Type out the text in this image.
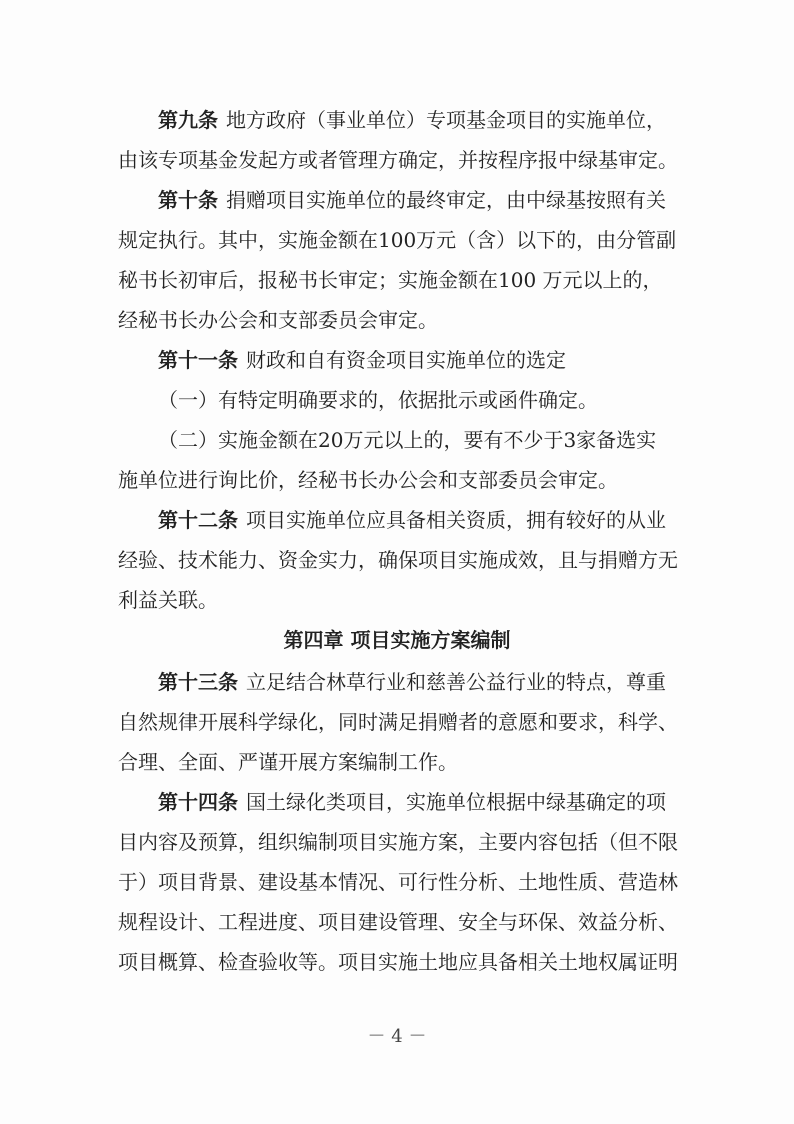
第九条 地方政府（事业单位）专项基金项目的实施单位，
由该专项基金发起方或者管理方确定，并按程序报中绿基审定。
第十条 捐赠项目实施单位的最终审定，由中绿基按照有关
规定执行。其中，实施金额在100万元（含）以下的，由分管副
秘书长初审后，报秘书长审定；实施金额在100 万元以上的，
经秘书长办公会和支部委员会审定。
第十一条 财政和自有资金项目实施单位的选定
（一）有特定明确要求的，依据批示或函件确定。
（二）实施金额在20万元以上的，要有不少于3家备选实
施单位进行询比价，经秘书长办公会和支部委员会审定。
第十二条 项目实施单位应具备相关资质，拥有较好的从业
经验、技术能力、资金实力，确保项目实施成效，且与捐赠方无
利益关联。
第四章 项目实施方案编制
第十三条 立足结合林草行业和慈善公益行业的特点，尊重
自然规律开展科学绿化，同时满足捐赠者的意愿和要求，科学、
合理、全面、严谨开展方案编制工作。
第十四条 国土绿化类项目，实施单位根据中绿基确定的项
目内容及预算，组织编制项目实施方案，主要内容包括（但不限
于）项目背景、建设基本情况、可行性分析、土地性质、营造林
规程设计、工程进度、项目建设管理、安全与环保、效益分析、
项目概算、检查验收等。项目实施土地应具备相关土地权属证明
－ 4 －
